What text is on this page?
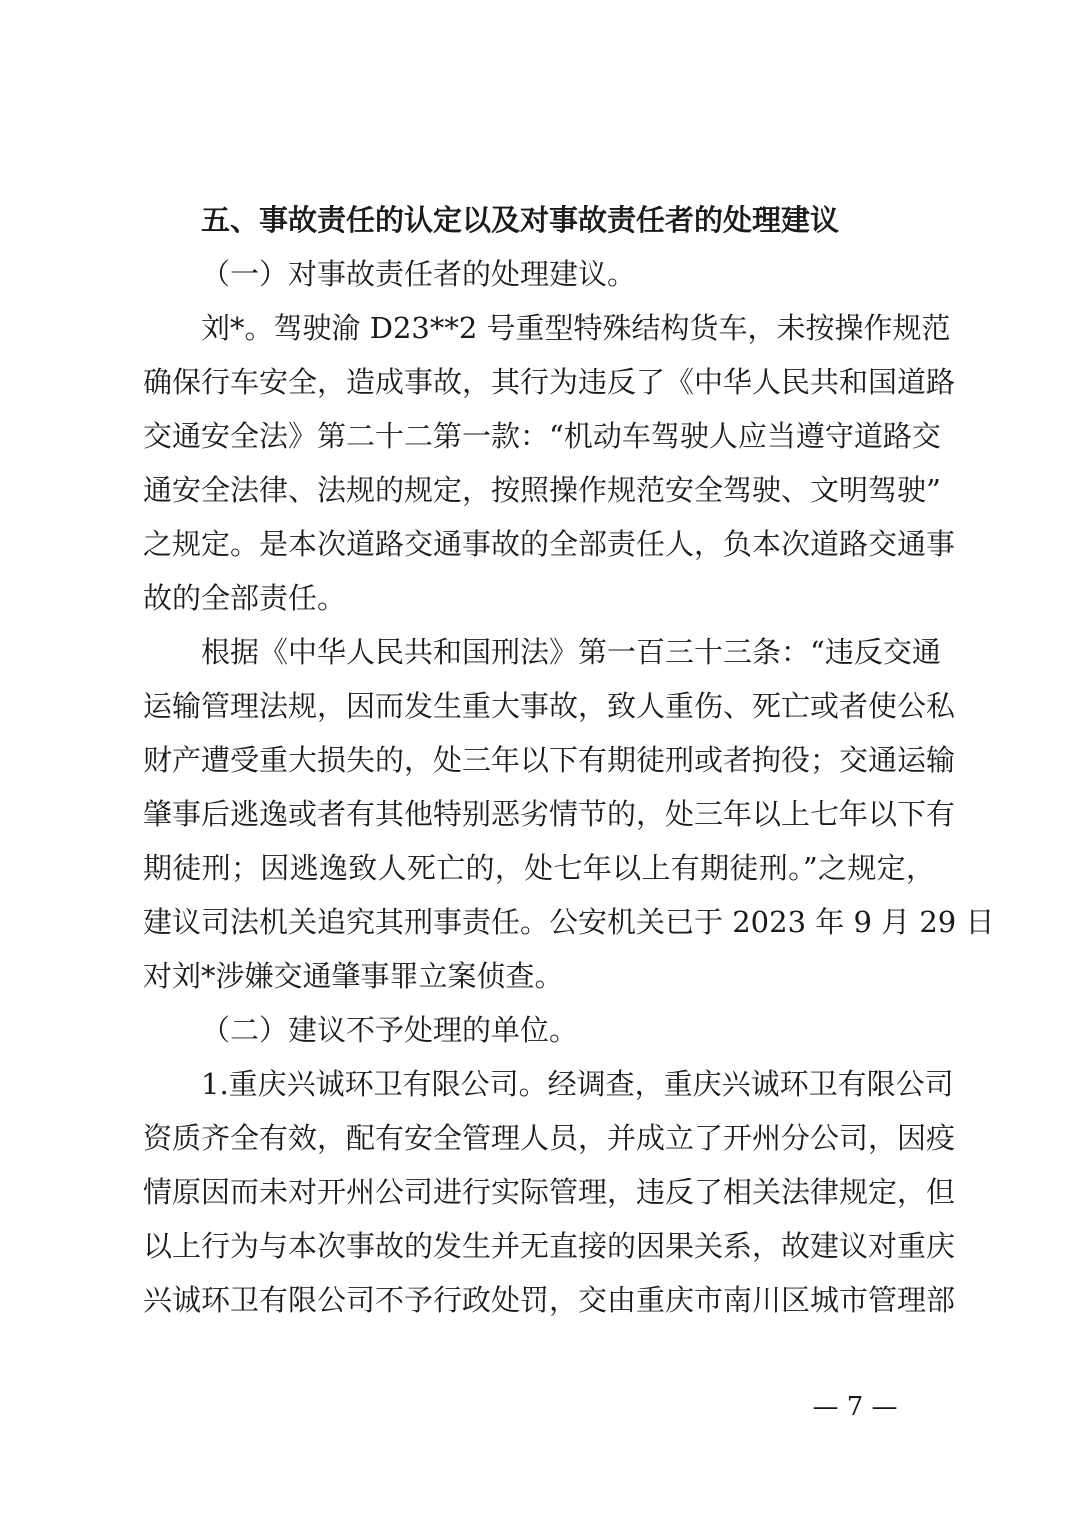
五、事故责任的认定以及对事故责任者的处理建议
（一）对事故责任者的处理建议。
刘*。驾驶渝 D23**2 号重型特殊结构货车，未按操作规范
确保行车安全，造成事故，其行为违反了《中华人民共和国道路
交通安全法》第二十二第一款：“机动车驾驶人应当遵守道路交
通安全法律、法规的规定，按照操作规范安全驾驶、文明驾驶”
之规定。是本次道路交通事故的全部责任人，负本次道路交通事
故的全部责任。
根据《中华人民共和国刑法》第一百三十三条：“违反交通
运输管理法规，因而发生重大事故，致人重伤、死亡或者使公私
财产遭受重大损失的，处三年以下有期徒刑或者拘役；交通运输
肇事后逃逸或者有其他特别恶劣情节的，处三年以上七年以下有
期徒刑；因逃逸致人死亡的，处七年以上有期徒刑。”之规定，
建议司法机关追究其刑事责任。公安机关已于 2023 年 9 月 29 日
对刘*涉嫌交通肇事罪立案侦查。
（二）建议不予处理的单位。
1.重庆兴诚环卫有限公司。经调查，重庆兴诚环卫有限公司
资质齐全有效，配有安全管理人员，并成立了开州分公司，因疫
情原因而未对开州公司进行实际管理，违反了相关法律规定，但
以上行为与本次事故的发生并无直接的因果关系，故建议对重庆
兴诚环卫有限公司不予行政处罚，交由重庆市南川区城市管理部
— 7 —
